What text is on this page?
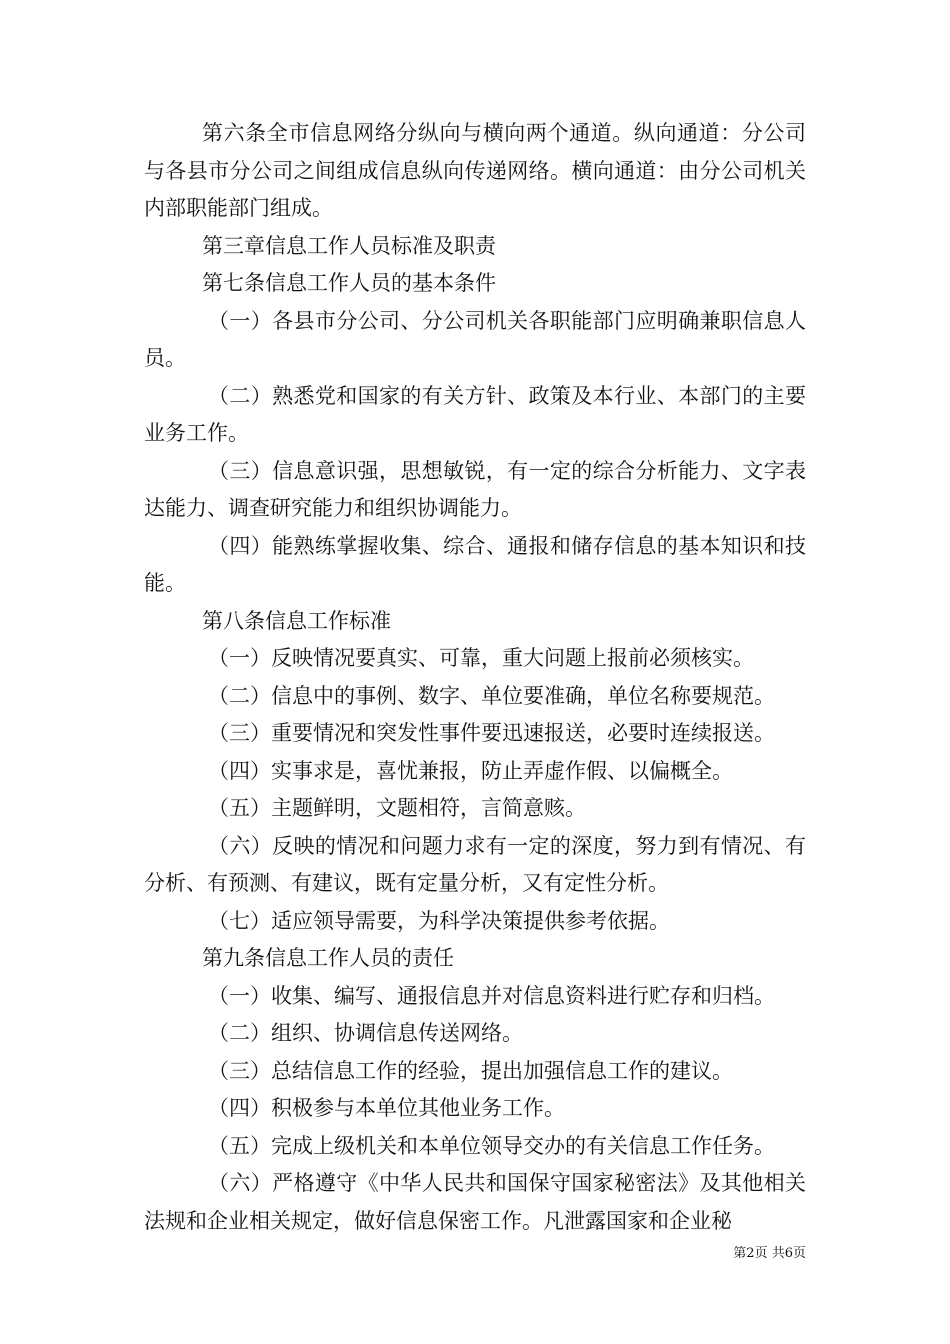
第六条全市信息网络分纵向与横向两个通道。纵向通道：分公司与各县市分公司之间组成信息纵向传递网络。横向通道：由分公司机关内部职能部门组成。

第三章信息工作人员标准及职责

第七条信息工作人员的基本条件

（一）各县市分公司、分公司机关各职能部门应明确兼职信息人员。

（二）熟悉党和国家的有关方针、政策及本行业、本部门的主要业务工作。

（三）信息意识强，思想敏锐，有一定的综合分析能力、文字表达能力、调查研究能力和组织协调能力。

（四）能熟练掌握收集、综合、通报和储存信息的基本知识和技能。

第八条信息工作标准

（一）反映情况要真实、可靠，重大问题上报前必须核实。

（二）信息中的事例、数字、单位要准确，单位名称要规范。

（三）重要情况和突发性事件要迅速报送，必要时连续报送。

（四）实事求是，喜忧兼报，防止弄虚作假、以偏概全。

（五）主题鲜明，文题相符，言简意赅。

（六）反映的情况和问题力求有一定的深度，努力到有情况、有分析、有预测、有建议，既有定量分析，又有定性分析。

（七）适应领导需要，为科学决策提供参考依据。

第九条信息工作人员的责任

（一）收集、编写、通报信息并对信息资料进行贮存和归档。

（二）组织、协调信息传送网络。

（三）总结信息工作的经验，提出加强信息工作的建议。

（四）积极参与本单位其他业务工作。

（五）完成上级机关和本单位领导交办的有关信息工作任务。

（六）严格遵守《中华人民共和国保守国家秘密法》及其他相关法规和企业相关规定，做好信息保密工作。凡泄露国家和企业秘

第2页 共6页
